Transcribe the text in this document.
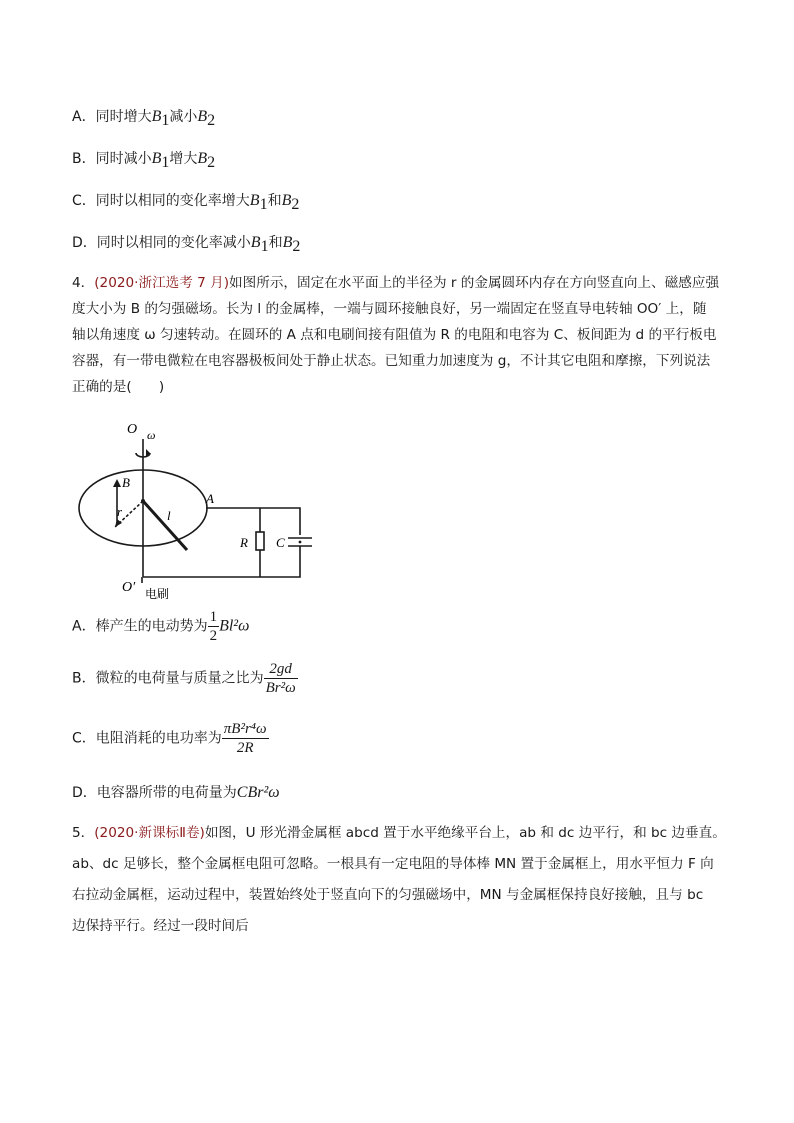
A．同时增大$B_1$减小$B_2$
B．同时减小$B_1$增大$B_2$
C．同时以相同的变化率增大$B_1$和$B_2$
D．同时以相同的变化率减小$B_1$和$B_2$
4．(2020·浙江选考 7 月)如图所示，固定在水平面上的半径为 r 的金属圆环内存在方向竖直向上、磁感应强
度大小为 B 的匀强磁场。长为 l 的金属棒，一端与圆环接触良好，另一端固定在竖直导电转轴 OO′ 上，随
轴以角速度 ω 匀速转动。在圆环的 A 点和电刷间接有阻值为 R 的电阻和电容为 C、板间距为 d 的平行板电
容器，有一带电微粒在电容器极板间处于静止状态。已知重力加速度为 g，不计其它电阻和摩擦，下列说法
正确的是(　　)
O ω
B
r	l
A
R C
O′ 电刷
A．棒产生的电动势为 $\frac{1}{2} Bl^2\omega$
B．微粒的电荷量与质量之比为 $\frac{2gd}{\text{Br²ω}}$
C．电阻消耗的电功率为 $\frac{\text{πB²r⁴ω}}{2R}$
D．电容器所带的电荷量为CBr²ω
5．(2020·新课标Ⅱ卷)如图，U 形光滑金属框 abcd 置于水平绝缘平台上，ab 和 dc 边平行，和 bc 边垂直。
ab、dc 足够长，整个金属框电阻可忽略。一根具有一定电阻的导体棒 MN 置于金属框上，用水平恒力 F 向
右拉动金属框，运动过程中，装置始终处于竖直向下的匀强磁场中，MN 与金属框保持良好接触，且与 bc
边保持平行。经过一段时间后
